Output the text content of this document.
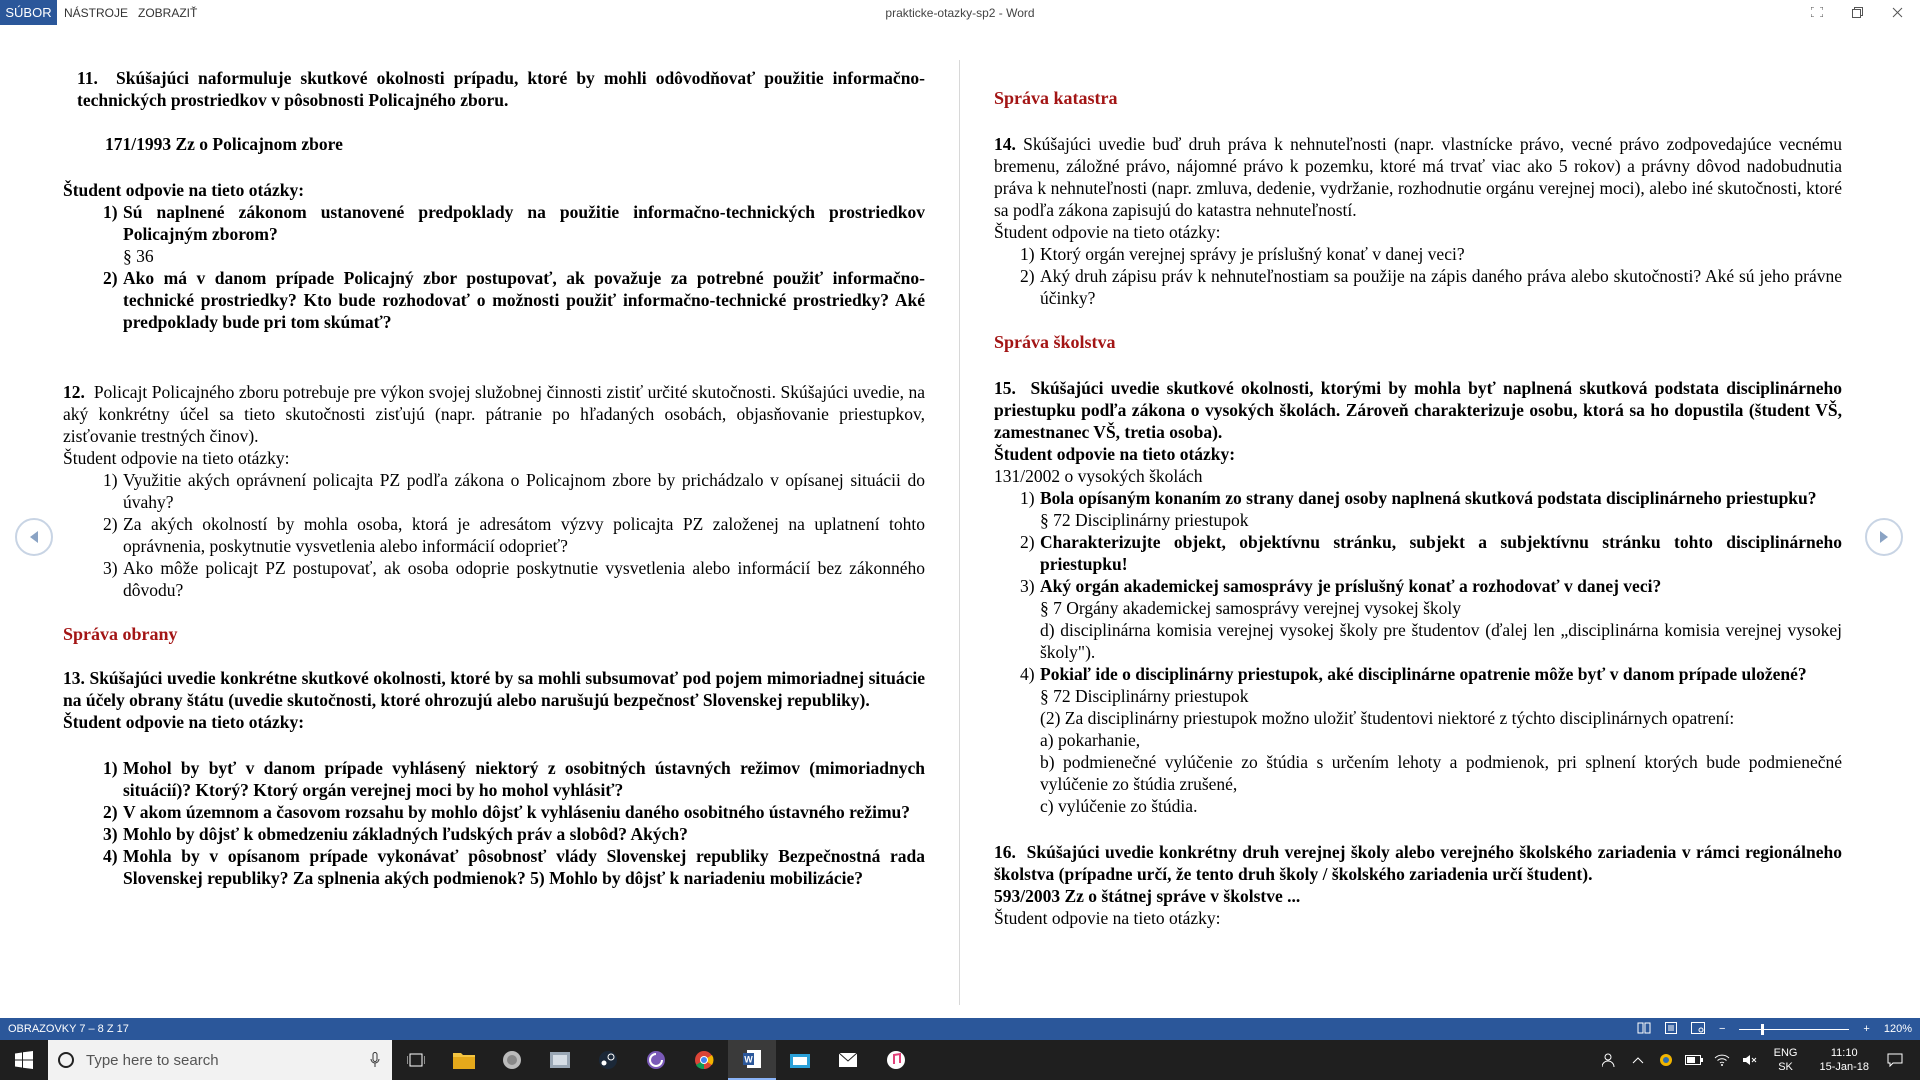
SÚBOR	NÁSTROJE ZOBRAZIŤ	prakticke-otazky-sp2 - Word
11. Skúšajúci naformuluje skutkové okolnosti prípadu, ktoré by mohli odôvodňovať použitie informačno-technických prostriedkov v pôsobnosti Policajného zboru.
171/1993 Zz o Policajnom zbore
Študent odpovie na tieto otázky:
1) Sú naplnené zákonom ustanovené predpoklady na použitie informačno-technických prostriedkov Policajným zborom?
§ 36
2) Ako má v danom prípade Policajný zbor postupovať, ak považuje za potrebné použiť informačno-technické prostriedky? Kto bude rozhodovať o možnosti použiť informačno-technické prostriedky? Aké predpoklady bude pri tom skúmať?
12. Policajt Policajného zboru potrebuje pre výkon svojej služobnej činnosti zistiť určité skutočnosti. Skúšajúci uvedie, na aký konkrétny účel sa tieto skutočnosti zisťujú (napr. pátranie po hľadaných osobách, objasňovanie priestupkov, zisťovanie trestných činov).
Študent odpovie na tieto otázky:
1) Využitie akých oprávnení policajta PZ podľa zákona o Policajnom zbore by prichádzalo v opísanej situácii do úvahy?
2) Za akých okolností by mohla osoba, ktorá je adresátom výzvy policajta PZ založenej na uplatnení tohto oprávnenia, poskytnutie vysvetlenia alebo informácií odoprieť?
3) Ako môže policajt PZ postupovať, ak osoba odoprie poskytnutie vysvetlenia alebo informácií bez zákonného dôvodu?
Správa obrany
13. Skúšajúci uvedie konkrétne skutkové okolnosti, ktoré by sa mohli subsumovať pod pojem mimoriadnej situácie na účely obrany štátu (uvedie skutočnosti, ktoré ohrozujú alebo narušujú bezpečnosť Slovenskej republiky).
Študent odpovie na tieto otázky:
1) Mohol by byť v danom prípade vyhlásený niektorý z osobitných ústavných režimov (mimoriadnych situácií)? Ktorý? Ktorý orgán verejnej moci by ho mohol vyhlásiť?
2) V akom územnom a časovom rozsahu by mohlo dôjsť k vyhláseniu daného osobitného ústavného režimu?
3) Mohlo by dôjsť k obmedzeniu základných ľudských práv a slobôd? Akých?
4) Mohla by v opísanom prípade vykonávať pôsobnosť vlády Slovenskej republiky Bezpečnostná rada Slovenskej republiky? Za splnenia akých podmienok? 5) Mohlo by dôjsť k nariadeniu mobilizácie?
Správa katastra
14. Skúšajúci uvedie buď druh práva k nehnuteľnosti (napr. vlastnícke právo, vecné právo zodpovedajúce vecnému bremenu, záložné právo, nájomné právo k pozemku, ktoré má trvať viac ako 5 rokov) a právny dôvod nadobudnutia práva k nehnuteľnosti (napr. zmluva, dedenie, vydržanie, rozhodnutie orgánu verejnej moci), alebo iné skutočnosti, ktoré sa podľa zákona zapisujú do katastra nehnuteľností.
Študent odpovie na tieto otázky:
1) Ktorý orgán verejnej správy je príslušný konať v danej veci?
2) Aký druh zápisu práv k nehnuteľnostiam sa použije na zápis daného práva alebo skutočnosti? Aké sú jeho právne účinky?
Správa školstva
15. Skúšajúci uvedie skutkové okolnosti, ktorými by mohla byť naplnená skutková podstata disciplinárneho priestupku podľa zákona o vysokých školách. Zároveň charakterizuje osobu, ktorá sa ho dopustila (študent VŠ, zamestnanec VŠ, tretia osoba).
Študent odpovie na tieto otázky:
131/2002 o vysokých školách
1) Bola opísaným konaním zo strany danej osoby naplnená skutková podstata disciplinárneho priestupku?
§ 72 Disciplinárny priestupok
2) Charakterizujte objekt, objektívnu stránku, subjekt a subjektívnu stránku tohto disciplinárneho priestupku!
3) Aký orgán akademickej samosprávy je príslušný konať a rozhodovať v danej veci?
§ 7 Orgány akademickej samosprávy verejnej vysokej školy
d) disciplinárna komisia verejnej vysokej školy pre študentov (ďalej len „disciplinárna komisia verejnej vysokej školy").
4) Pokiaľ ide o disciplinárny priestupok, aké disciplinárne opatrenie môže byť v danom prípade uložené?
§ 72 Disciplinárny priestupok
(2) Za disciplinárny priestupok možno uložiť študentovi niektoré z týchto disciplinárnych opatrení:
a) pokarhanie,
b) podmienečné vylúčenie zo štúdia s určením lehoty a podmienok, pri splnení ktorých bude podmienečné vylúčenie zo štúdia zrušené,
c) vylúčenie zo štúdia.
16. Skúšajúci uvedie konkrétny druh verejnej školy alebo verejného školského zariadenia v rámci regionálneho školstva (prípadne určí, že tento druh školy / školského zariadenia určí študent).
593/2003 Zz o štátnej správe v školstve ...
Študent odpovie na tieto otázky:
OBRAZOVKY 7 – 8 Z 17	−	+ 120%
Type here to search	W
ENG
SK
11:10
15-Jan-18
